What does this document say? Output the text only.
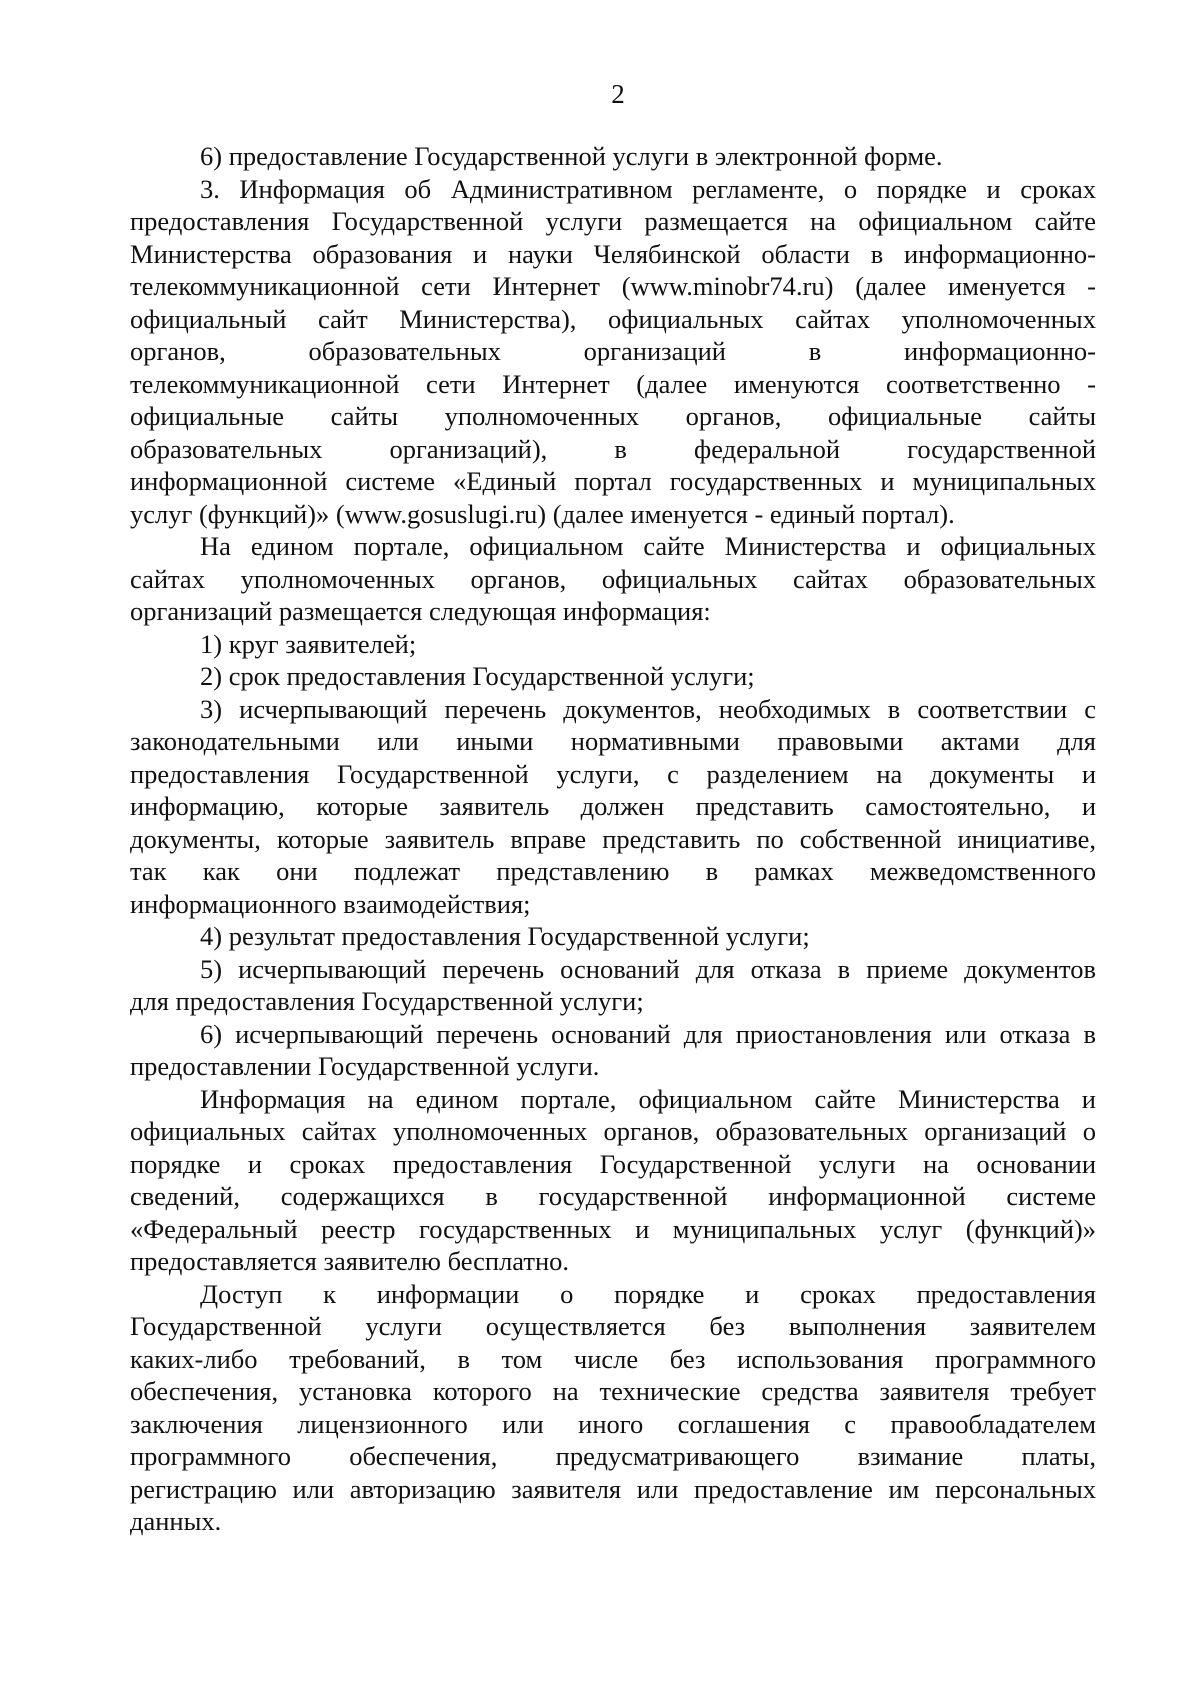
2
6) предоставление Государственной услуги в электронной форме.
3. Информация об Административном регламенте, о порядке и сроках
предоставления Государственной услуги размещается на официальном сайте
Министерства образования и науки Челябинской области в информационно-
телекоммуникационной сети Интернет (www.minobr74.ru) (далее именуется -
официальный сайт Министерства), официальных сайтах уполномоченных
органов, образовательных организаций в информационно-
телекоммуникационной сети Интернет (далее именуются соответственно -
официальные сайты уполномоченных органов, официальные сайты
образовательных организаций), в федеральной государственной
информационной системе «Единый портал государственных и муниципальных
услуг (функций)» (www.gosuslugi.ru) (далее именуется - единый портал).
На едином портале, официальном сайте Министерства и официальных
сайтах уполномоченных органов, официальных сайтах образовательных
организаций размещается следующая информация:
1) круг заявителей;
2) срок предоставления Государственной услуги;
3) исчерпывающий перечень документов, необходимых в соответствии с
законодательными или иными нормативными правовыми актами для
предоставления Государственной услуги, с разделением на документы и
информацию, которые заявитель должен представить самостоятельно, и
документы, которые заявитель вправе представить по собственной инициативе,
так как они подлежат представлению в рамках межведомственного
информационного взаимодействия;
4) результат предоставления Государственной услуги;
5) исчерпывающий перечень оснований для отказа в приеме документов
для предоставления Государственной услуги;
6) исчерпывающий перечень оснований для приостановления или отказа в
предоставлении Государственной услуги.
Информация на едином портале, официальном сайте Министерства и
официальных сайтах уполномоченных органов, образовательных организаций о
порядке и сроках предоставления Государственной услуги на основании
сведений, содержащихся в государственной информационной системе
«Федеральный реестр государственных и муниципальных услуг (функций)»
предоставляется заявителю бесплатно.
Доступ к информации о порядке и сроках предоставления
Государственной услуги осуществляется без выполнения заявителем
каких-либо требований, в том числе без использования программного
обеспечения, установка которого на технические средства заявителя требует
заключения лицензионного или иного соглашения с правообладателем
программного обеспечения, предусматривающего взимание платы,
регистрацию или авторизацию заявителя или предоставление им персональных
данных.
